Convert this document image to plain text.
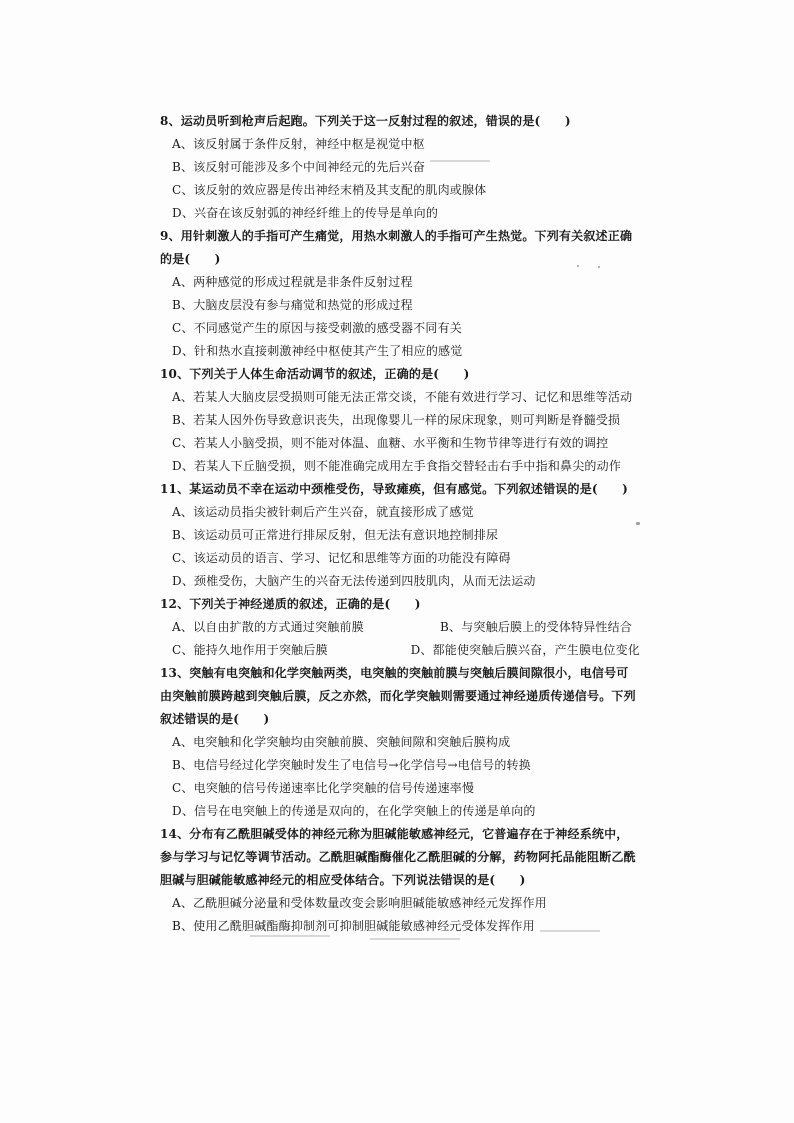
8、运动员听到枪声后起跑。下列关于这一反射过程的叙述，错误的是(　　)

A、该反射属于条件反射，神经中枢是视觉中枢

B、该反射可能涉及多个中间神经元的先后兴奋

C、该反射的效应器是传出神经末梢及其支配的肌肉或腺体

D、兴奋在该反射弧的神经纤维上的传导是单向的

9、用针刺激人的手指可产生痛觉，用热水刺激人的手指可产生热觉。下列有关叙述正确的是(　　)

A、两种感觉的形成过程就是非条件反射过程

B、大脑皮层没有参与痛觉和热觉的形成过程

C、不同感觉产生的原因与接受刺激的感受器不同有关

D、针和热水直接刺激神经中枢使其产生了相应的感觉

10、下列关于人体生命活动调节的叙述，正确的是(　　)

A、若某人大脑皮层受损则可能无法正常交谈，不能有效进行学习、记忆和思维等活动

B、若某人因外伤导致意识丧失，出现像婴儿一样的尿床现象，则可判断是脊髓受损

C、若某人小脑受损，则不能对体温、血糖、水平衡和生物节律等进行有效的调控

D、若某人下丘脑受损，则不能准确完成用左手食指交替轻击右手中指和鼻尖的动作

11、某运动员不幸在运动中颈椎受伤，导致瘫痪，但有感觉。下列叙述错误的是(　　)

A、该运动员指尖被针刺后产生兴奋，就直接形成了感觉

B、该运动员可正常进行排尿反射，但无法有意识地控制排尿

C、该运动员的语言、学习、记忆和思维等方面的功能没有障碍

D、颈椎受伤，大脑产生的兴奋无法传递到四肢肌肉，从而无法运动

12、下列关于神经递质的叙述，正确的是(　　)

A、以自由扩散的方式通过突触前膜	B、与突触后膜上的受体特异性结合

C、能持久地作用于突触后膜	D、都能使突触后膜兴奋，产生膜电位变化

13、突触有电突触和化学突触两类，电突触的突触前膜与突触后膜间隙很小，电信号可由突触前膜跨越到突触后膜，反之亦然，而化学突触则需要通过神经递质传递信号。下列叙述错误的是(　　)

A、电突触和化学突触均由突触前膜、突触间隙和突触后膜构成

B、电信号经过化学突触时发生了电信号→化学信号→电信号的转换

C、电突触的信号传递速率比化学突触的信号传递速率慢

D、信号在电突触上的传递是双向的，在化学突触上的传递是单向的

14、分布有乙酰胆碱受体的神经元称为胆碱能敏感神经元，它普遍存在于神经系统中，参与学习与记忆等调节活动。乙酰胆碱酯酶催化乙酰胆碱的分解，药物阿托品能阻断乙酰胆碱与胆碱能敏感神经元的相应受体结合。下列说法错误的是(　　)

A、乙酰胆碱分泌量和受体数量改变会影响胆碱能敏感神经元发挥作用

B、使用乙酰胆碱酯酶抑制剂可抑制胆碱能敏感神经元受体发挥作用
